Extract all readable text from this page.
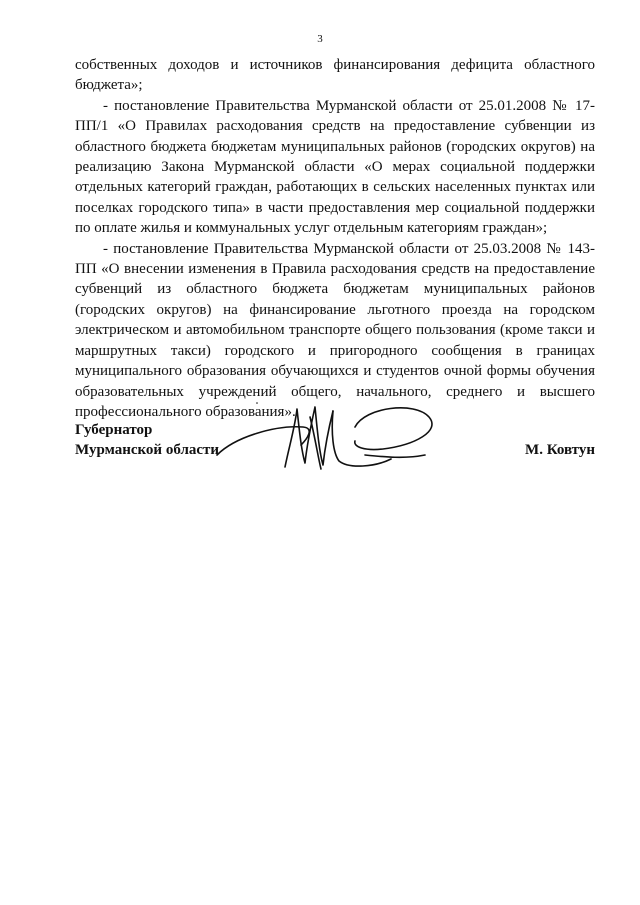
3

собственных доходов и источников финансирования дефицита областного бюджета»;

- постановление Правительства Мурманской области от 25.01.2008 № 17-ПП/1 «О Правилах расходования средств на предоставление субвенции из областного бюджета бюджетам муниципальных районов (городских округов) на реализацию Закона Мурманской области «О мерах социальной поддержки отдельных категорий граждан, работающих в сельских населенных пунктах или поселках городского типа» в части предоставления мер социальной поддержки по оплате жилья и коммунальных услуг отдельным категориям граждан»;

- постановление Правительства Мурманской области от 25.03.2008 № 143-ПП «О внесении изменения в Правила расходования средств на предоставление субвенций из областного бюджета бюджетам муниципальных районов (городских округов) на финансирование льготного проезда на городском электрическом и автомобильном транспорте общего пользования (кроме такси и маршрутных такси) городского и пригородного сообщения в границах муниципального образования обучающихся и студентов очной формы обучения образовательных учреждений общего, начального, среднего и высшего профессионального образования».

Губернатор
Мурманской области	М. Ковтун
